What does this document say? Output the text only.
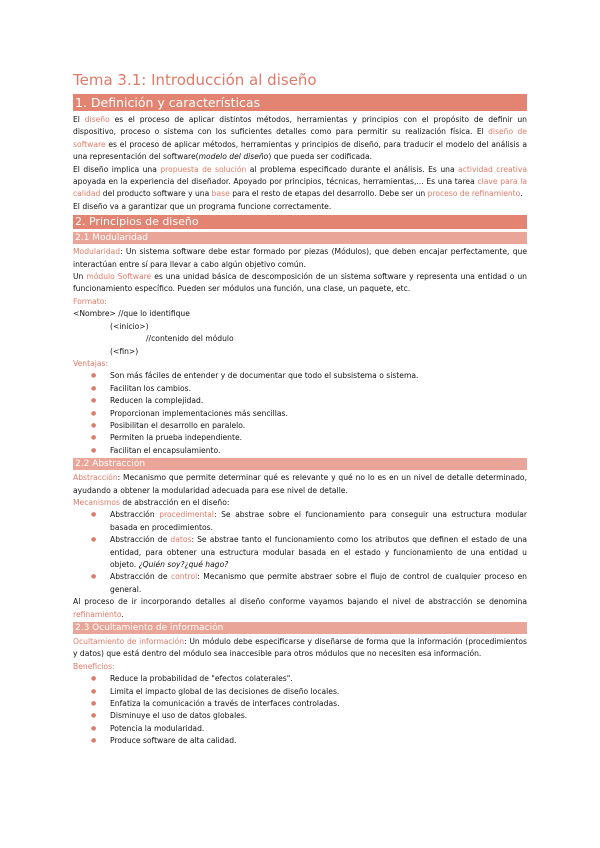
Tema 3.1: Introducción al diseño
1. Definición y características

El diseño es el proceso de aplicar distintos métodos, herramientas y principios con el propósito de definir un dispositivo, proceso o sistema con los suficientes detalles como para permitir su realización física. El diseño de software es el proceso de aplicar métodos, herramientas y principios de diseño, para traducir el modelo del análisis a una representación del software(modelo del diseño) que pueda ser codificada.

El diseño implica una propuesta de solución al problema especificado durante el análisis. Es una actividad creativa apoyada en la experiencia del diseñador. Apoyado por principios, técnicas, herramientas,... Es una tarea clave para la calidad del producto software y una base para el resto de etapas del desarrollo. Debe ser un proceso de refinamiento.

El diseño va a garantizar que un programa funcione correctamente.

2. Principios de diseño
2.1 Modularidad

Modularidad: Un sistema software debe estar formado por piezas (Módulos), que deben encajar perfectamente, que interactúan entre sí para llevar a cabo algún objetivo común.

Un módulo Software es una unidad básica de descomposición de un sistema software y representa una entidad o un funcionamiento específico. Pueden ser módulos una función, una clase, un paquete, etc.

Formato:
<Nombre> //que lo identifique
(<inicio>)
//contenido del módulo
(<fin>)
Ventajas:
● Son más fáciles de entender y de documentar que todo el subsistema o sistema.
● Facilitan los cambios.
● Reducen la complejidad.
● Proporcionan implementaciones más sencillas.
● Posibilitan el desarrollo en paralelo.
● Permiten la prueba independiente.
● Facilitan el encapsulamiento.
2.2 Abstracción

Abstracción: Mecanismo que permite determinar qué es relevante y qué no lo es en un nivel de detalle determinado, ayudando a obtener la modularidad adecuada para ese nivel de detalle.

Mecanismos de abstracción en el diseño:
● Abstracción procedimental: Se abstrae sobre el funcionamiento para conseguir una estructura modular basada en procedimientos.
● Abstracción de datos: Se abstrae tanto el funcionamiento como los atributos que definen el estado de una entidad, para obtener una estructura modular basada en el estado y funcionamiento de una entidad u objeto. ¿Quién soy?¿qué hago?
● Abstracción de control: Mecanismo que permite abstraer sobre el flujo de control de cualquier proceso en general.

Al proceso de ir incorporando detalles al diseño conforme vayamos bajando el nivel de abstracción se denomina refinamiento.

2.3 Ocultamiento de información

Ocultamiento de información: Un módulo debe especificarse y diseñarse de forma que la información (procedimientos y datos) que está dentro del módulo sea inaccesible para otros módulos que no necesiten esa información.

Beneficios:
● Reduce la probabilidad de "efectos colaterales".
● Limita el impacto global de las decisiones de diseño locales.
● Enfatiza la comunicación a través de interfaces controladas.
● Disminuye el uso de datos globales.
● Potencia la modularidad.
● Produce software de alta calidad.
